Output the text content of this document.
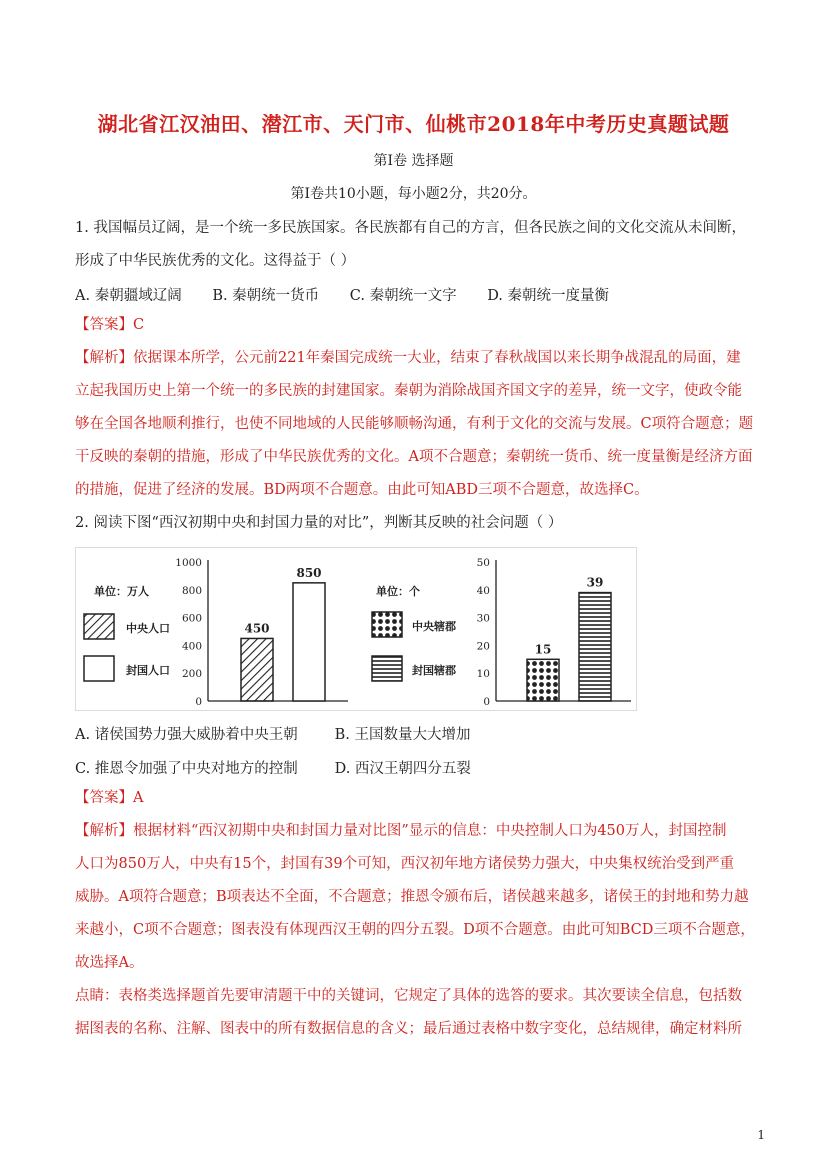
湖北省江汉油田、潜江市、天门市、仙桃市2018年中考历史真题试题
第I卷 选择题
第I卷共10小题，每小题2分，共20分。
1. 我国幅员辽阔，是一个统一多民族国家。各民族都有自己的方言，但各民族之间的文化交流从未间断，
形成了中华民族优秀的文化。这得益于（ ）
A. 秦朝疆域辽阔 B. 秦朝统一货币 C. 秦朝统一文字 D. 秦朝统一度量衡
【答案】C
【解析】依据课本所学，公元前221年秦国完成统一大业，结束了春秋战国以来长期争战混乱的局面，建
立起我国历史上第一个统一的多民族的封建国家。秦朝为消除战国齐国文字的差异，统一文字，使政令能
够在全国各地顺利推行，也使不同地域的人民能够顺畅沟通，有利于文化的交流与发展。C项符合题意；题
干反映的秦朝的措施，形成了中华民族优秀的文化。A项不合题意；秦朝统一货币、统一度量衡是经济方面
的措施，促进了经济的发展。BD两项不合题意。由此可知ABD三项不合题意，故选择C。
2. 阅读下图“西汉初期中央和封国力量的对比”，判断其反映的社会问题（ ）
单位：万人
中央人口
封国人口
1000
800
600
400
200
0
450
850
单位：个
中央辖郡
封国辖郡
50
40
30
20
10
0
15
39
A. 诸侯国势力强大威胁着中央王朝	B. 王国数量大大增加
C. 推恩令加强了中央对地方的控制	D. 西汉王朝四分五裂
【答案】A
【解析】根据材料“西汉初期中央和封国力量对比图”显示的信息：中央控制人口为450万人，封国控制
人口为850万人，中央有15个，封国有39个可知，西汉初年地方诸侯势力强大，中央集权统治受到严重
威胁。A项符合题意；B项表达不全面，不合题意；推恩令颁布后，诸侯越来越多，诸侯王的封地和势力越
来越小，C项不合题意；图表没有体现西汉王朝的四分五裂。D项不合题意。由此可知BCD三项不合题意，
故选择A。
点睛：表格类选择题首先要审清题干中的关键词，它规定了具体的选答的要求。其次要读全信息，包括数
据图表的名称、注解、图表中的所有数据信息的含义；最后通过表格中数字变化，总结规律，确定材料所
1
